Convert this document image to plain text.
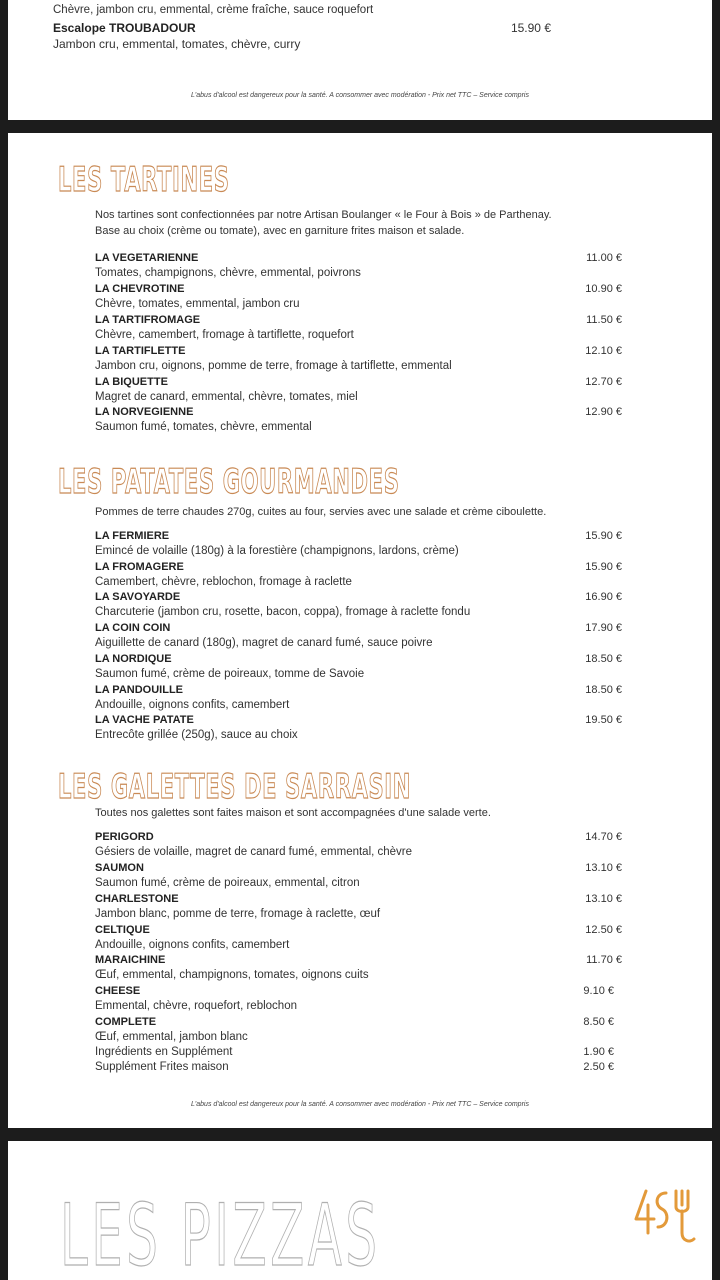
Chèvre, jambon cru, emmental, crème fraîche, sauce roquefort
Escalope TROUBADOUR	15.90 €
Jambon cru, emmental, tomates, chèvre, curry
L'abus d'alcool est dangereux pour la santé. A consommer avec modération - Prix net TTC – Service compris
LES TARTINES
Nos tartines sont confectionnées par notre Artisan Boulanger « le Four à Bois » de Parthenay.
Base au choix (crème ou tomate), avec en garniture frites maison et salade.
LA VEGETARIENNE	11.00 €
Tomates, champignons, chèvre, emmental, poivrons
LA CHEVROTINE	10.90 €
Chèvre, tomates, emmental, jambon cru
LA TARTIFROMAGE	11.50 €
Chèvre, camembert, fromage à tartiflette, roquefort
LA TARTIFLETTE	12.10 €
Jambon cru, oignons, pomme de terre, fromage à tartiflette, emmental
LA BIQUETTE	12.70 €
Magret de canard, emmental, chèvre, tomates, miel
LA NORVEGIENNE	12.90 €
Saumon fumé, tomates, chèvre, emmental
LES PATATES GOURMANDES
Pommes de terre chaudes 270g, cuites au four, servies avec une salade et crème ciboulette.
LA FERMIERE	15.90 €
Emincé de volaille (180g) à la forestière (champignons, lardons, crème)
LA FROMAGERE	15.90 €
Camembert, chèvre, reblochon, fromage à raclette
LA SAVOYARDE	16.90 €
Charcuterie (jambon cru, rosette, bacon, coppa), fromage à raclette fondu
LA COIN COIN	17.90 €
Aiguillette de canard (180g), magret de canard fumé, sauce poivre
LA NORDIQUE	18.50 €
Saumon fumé, crème de poireaux, tomme de Savoie
LA PANDOUILLE	18.50 €
Andouille, oignons confits, camembert
LA VACHE PATATE	19.50 €
Entrecôte grillée (250g), sauce au choix
LES GALETTES DE SARRASIN
Toutes nos galettes sont faites maison et sont accompagnées d'une salade verte.
PERIGORD	14.70 €
Gésiers de volaille, magret de canard fumé, emmental, chèvre
SAUMON	13.10 €
Saumon fumé, crème de poireaux, emmental, citron
CHARLESTONE	13.10 €
Jambon blanc, pomme de terre, fromage à raclette, œuf
CELTIQUE	12.50 €
Andouille, oignons confits, camembert
MARAICHINE	11.70 €
Œuf, emmental, champignons, tomates, oignons cuits
CHEESE	9.10 €
Emmental, chèvre, roquefort, reblochon
COMPLETE	8.50 €
Œuf, emmental, jambon blanc
Ingrédients en Supplément	1.90 €
Supplément Frites maison	2.50 €
L'abus d'alcool est dangereux pour la santé. A consommer avec modération - Prix net TTC – Service compris
LES PIZZAS
